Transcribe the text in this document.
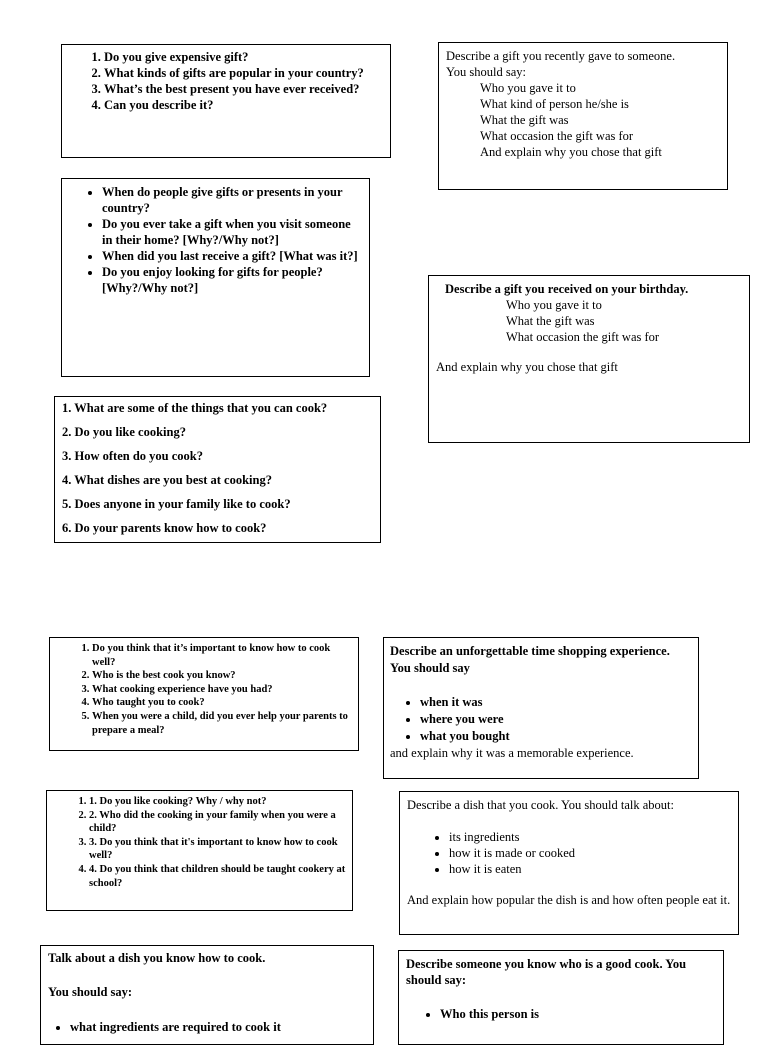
1. Do you give expensive gift?
2. What kinds of gifts are popular in your country?
3. What’s the best present you have ever received?
4. Can you describe it?
Describe a gift you recently gave to someone.
You should say:
Who you gave it to
What kind of person he/she is
What the gift was
What occasion the gift was for
And explain why you chose that gift
• When do people give gifts or presents in your country?
• Do you ever take a gift when you visit someone in their home? [Why?/Why not?]
• When did you last receive a gift? [What was it?]
• Do you enjoy looking for gifts for people? [Why?/Why not?]	Describe a gift you received on your birthday.
Who you gave it to
What the gift was
What occasion the gift was for
And explain why you chose that gift
1. What are some of the things that you can cook?
2. Do you like cooking?
3. How often do you cook?
4. What dishes are you best at cooking?
5. Does anyone in your family like to cook?
6. Do your parents know how to cook?
1. Do you think that it’s important to know how to cook well?
2. Who is the best cook you know?
3. What cooking experience have you had?
4. Who taught you to cook?
5. When you were a child, did you ever help your parents to prepare a meal?
Describe an unforgettable time shopping experience. You should say
• when it was
• where you were
• what you bought
and explain why it was a memorable experience.
1. 1. Do you like cooking? Why / why not?
2. 2. Who did the cooking in your family when you were a child?
3. 3. Do you think that it's important to know how to cook well?
4. 4. Do you think that children should be taught cookery at school?
Describe a dish that you cook. You should talk about:
• its ingredients
• how it is made or cooked
• how it is eaten
And explain how popular the dish is and how often people eat it.
Talk about a dish you know how to cook.
You should say:
• what ingredients are required to cook it
Describe someone you know who is a good cook. You should say:
• Who this person is
